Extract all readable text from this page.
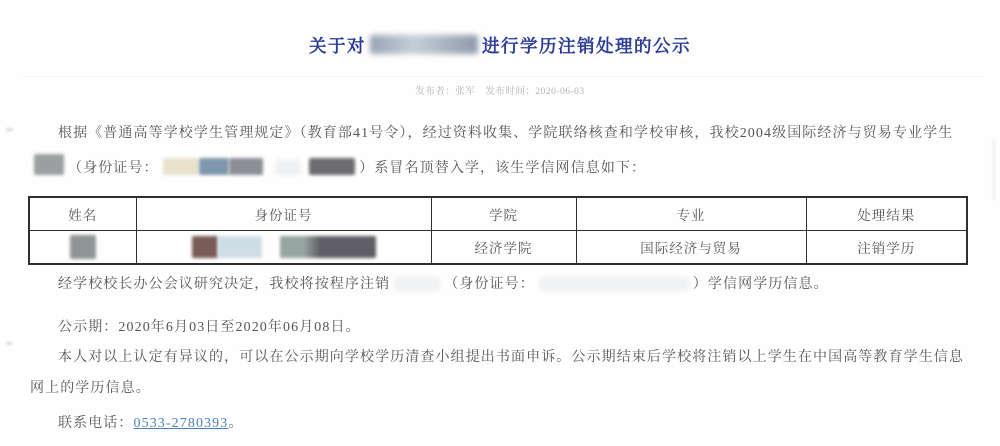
关于对	进行学历注销处理的公示
发布者：张军　发布时间：2020-06-03

根据《普通高等学校学生管理规定》（教育部41号令），经过资料收集、学院联络核查和学校审核，我校2004级国际经济与贸易专业学生（身份证号：	）系冒名顶替入学，该生学信网信息如下：

姓名	身份证号	学院	专业	处理结果
		经济学院	国际经济与贸易	注销学历

经学校校长办公会议研究决定，我校将按程序注销	（身份证号：	）学信网学历信息。

公示期：2020年6月03日至2020年06月08日。

本人对以上认定有异议的，可以在公示期向学校学历清查小组提出书面申诉。公示期结束后学校将注销以上学生在中国高等教育学生信息网上的学历信息。

联系电话：0533-2780393。
